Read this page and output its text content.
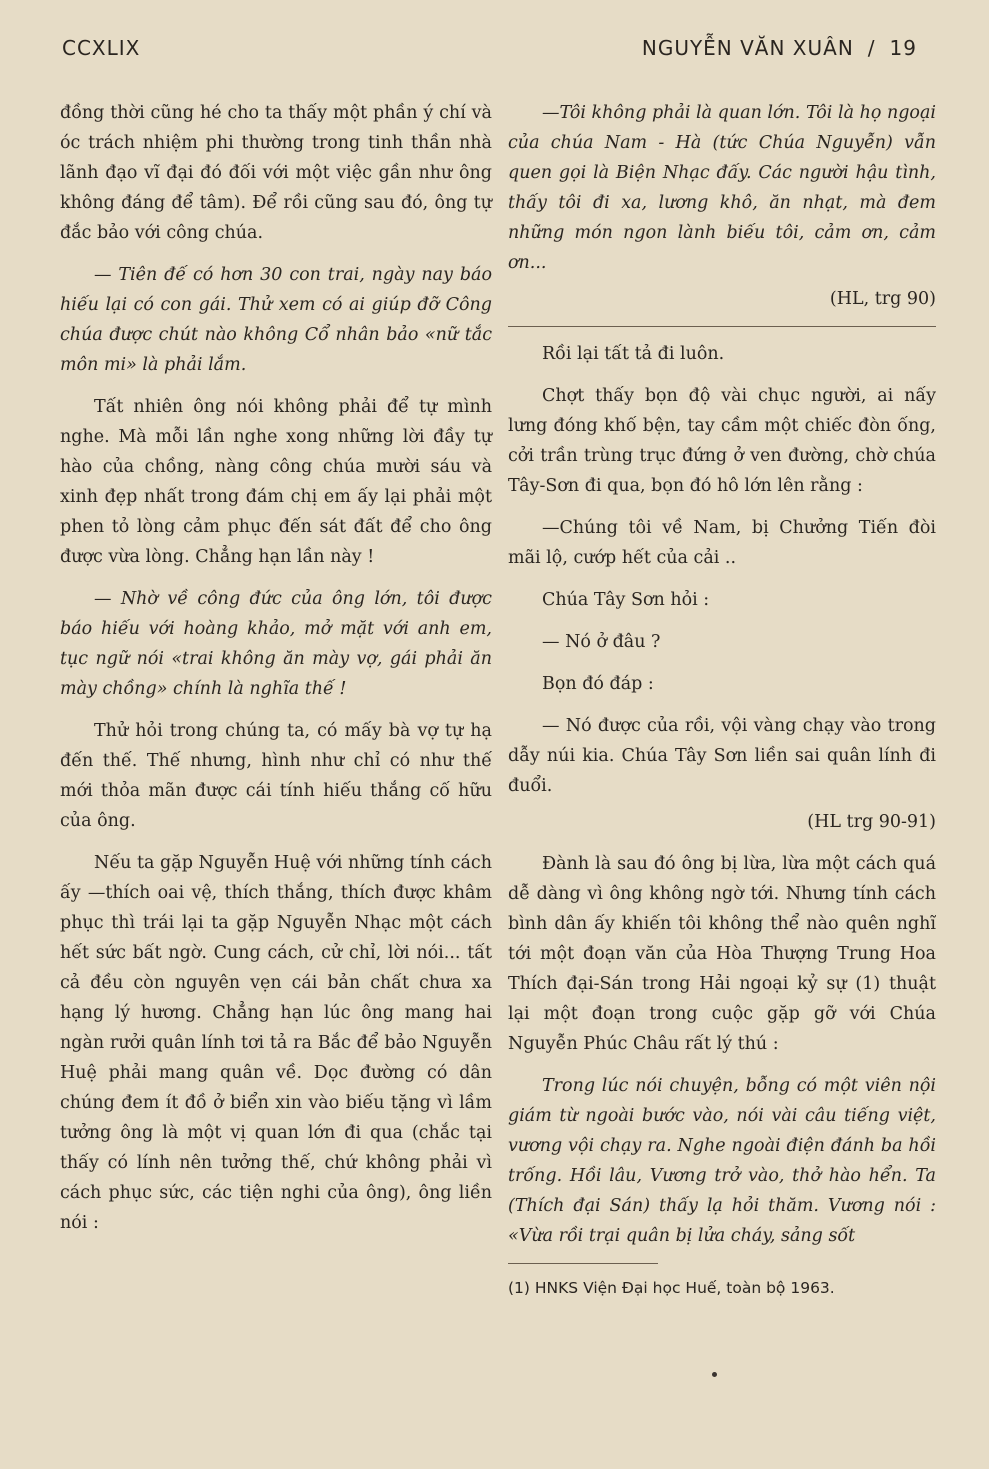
CCXLIX	NGUYỄN VĂN XUÂN / 19

đồng thời cũng hé cho ta thấy một phần ý chí và óc trách nhiệm phi thường trong tinh thần nhà lãnh đạo vĩ đại đó đối với một việc gần như ông không đáng để tâm). Để rồi cũng sau đó, ông tự đắc bảo với công chúa.

— Tiên đế có hơn 30 con trai, ngày nay báo hiếu lại có con gái. Thử xem có ai giúp đỡ Công chúa được chút nào không Cổ nhân bảo «nữ tắc môn mi» là phải lắm.

Tất nhiên ông nói không phải để tự mình nghe. Mà mỗi lần nghe xong những lời đầy tự hào của chồng, nàng công chúa mười sáu và xinh đẹp nhất trong đám chị em ấy lại phải một phen tỏ lòng cảm phục đến sát đất để cho ông được vừa lòng. Chẳng hạn lần này !

— Nhờ về công đức của ông lớn, tôi được báo hiếu với hoàng khảo, mở mặt với anh em, tục ngữ nói «trai không ăn mày vợ, gái phải ăn mày chồng» chính là nghĩa thế !

Thử hỏi trong chúng ta, có mấy bà vợ tự hạ đến thế. Thế nhưng, hình như chỉ có như thế mới thỏa mãn được cái tính hiếu thắng cố hữu của ông.

Nếu ta gặp Nguyễn Huệ với những tính cách ấy —thích oai vệ, thích thắng, thích được khâm phục thì trái lại ta gặp Nguyễn Nhạc một cách hết sức bất ngờ. Cung cách, cử chỉ, lời nói... tất cả đều còn nguyên vẹn cái bản chất chưa xa hạng lý hương. Chẳng hạn lúc ông mang hai ngàn rưởi quân lính tơi tả ra Bắc để bảo Nguyễn Huệ phải mang quân về. Dọc đường có dân chúng đem ít đồ ở biển xin vào biếu tặng vì lầm tưởng ông là một vị quan lớn đi qua (chắc tại thấy có lính nên tưởng thế, chứ không phải vì cách phục sức, các tiện nghi của ông), ông liền nói :

—Tôi không phải là quan lớn. Tôi là họ ngoại của chúa Nam - Hà (tức Chúa Nguyễn) vẫn quen gọi là Biện Nhạc đấy. Các người hậu tình, thấy tôi đi xa, lương khô, ăn nhạt, mà đem những món ngon lành biếu tôi, cảm ơn, cảm ơn...

(HL, trg 90)

Rồi lại tất tả đi luôn.

Chợt thấy bọn độ vài chục người, ai nấy lưng đóng khố bện, tay cầm một chiếc đòn ống, cởi trần trùng trục đứng ở ven đường, chờ chúa Tây-Sơn đi qua, bọn đó hô lớn lên rằng :

—Chúng tôi về Nam, bị Chưởng Tiến đòi mãi lộ, cướp hết của cải ..

Chúa Tây Sơn hỏi :

— Nó ở đâu ?

Bọn đó đáp :

— Nó được của rồi, vội vàng chạy vào trong dẫy núi kia. Chúa Tây Sơn liền sai quân lính đi đuổi.

(HL trg 90-91)

Đành là sau đó ông bị lừa, lừa một cách quá dễ dàng vì ông không ngờ tới. Nhưng tính cách bình dân ấy khiến tôi không thể nào quên nghĩ tới một đoạn văn của Hòa Thượng Trung Hoa Thích đại-Sán trong Hải ngoại kỷ sự (1) thuật lại một đoạn trong cuộc gặp gỡ với Chúa Nguyễn Phúc Châu rất lý thú :

Trong lúc nói chuyện, bỗng có một viên nội giám từ ngoài bước vào, nói vài câu tiếng việt, vương vội chạy ra. Nghe ngoài điện đánh ba hồi trống. Hồi lâu, Vương trở vào, thở hào hển. Ta (Thích đại Sán) thấy lạ hỏi thăm. Vương nói : «Vừa rồi trại quân bị lửa cháy, sảng sốt

(1) HNKS Viện Đại học Huế, toàn bộ 1963.
